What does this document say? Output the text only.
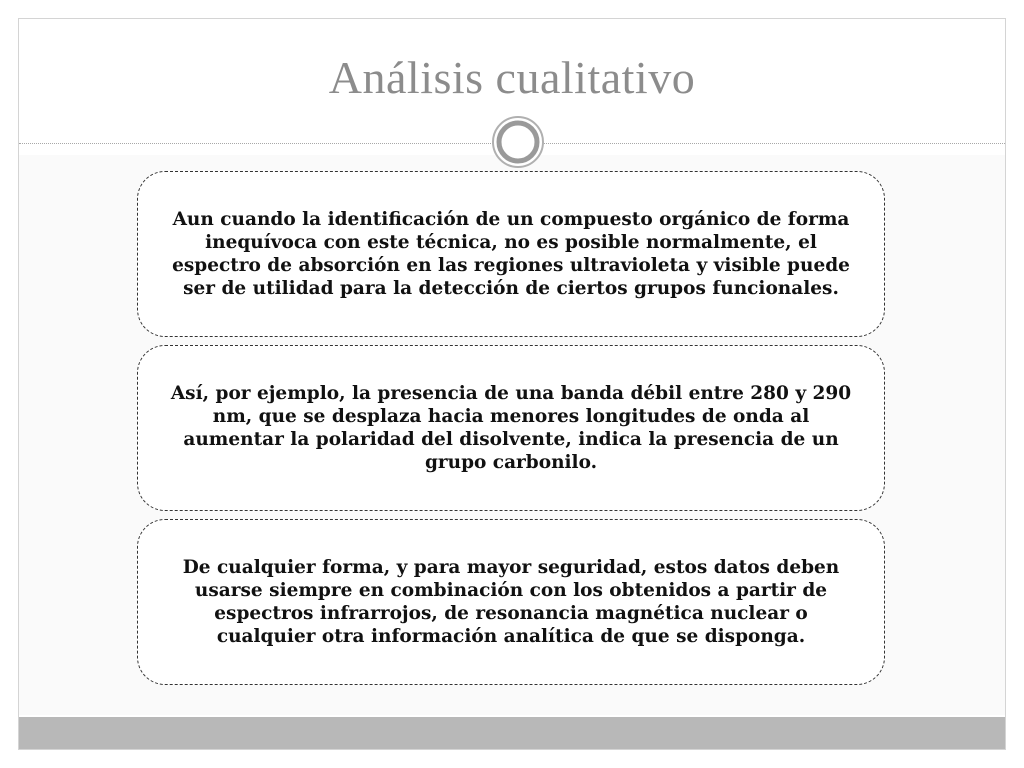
Análisis cualitativo

Aun cuando la identificación de un compuesto orgánico de forma inequívoca con este técnica, no es posible normalmente, el espectro de absorción en las regiones ultravioleta y visible puede ser de utilidad para la detección de ciertos grupos funcionales.

Así, por ejemplo, la presencia de una banda débil entre 280 y 290 nm, que se desplaza hacia menores longitudes de onda al aumentar la polaridad del disolvente, indica la presencia de un grupo carbonilo.

De cualquier forma, y para mayor seguridad, estos datos deben usarse siempre en combinación con los obtenidos a partir de espectros infrarrojos, de resonancia magnética nuclear o cualquier otra información analítica de que se disponga.
